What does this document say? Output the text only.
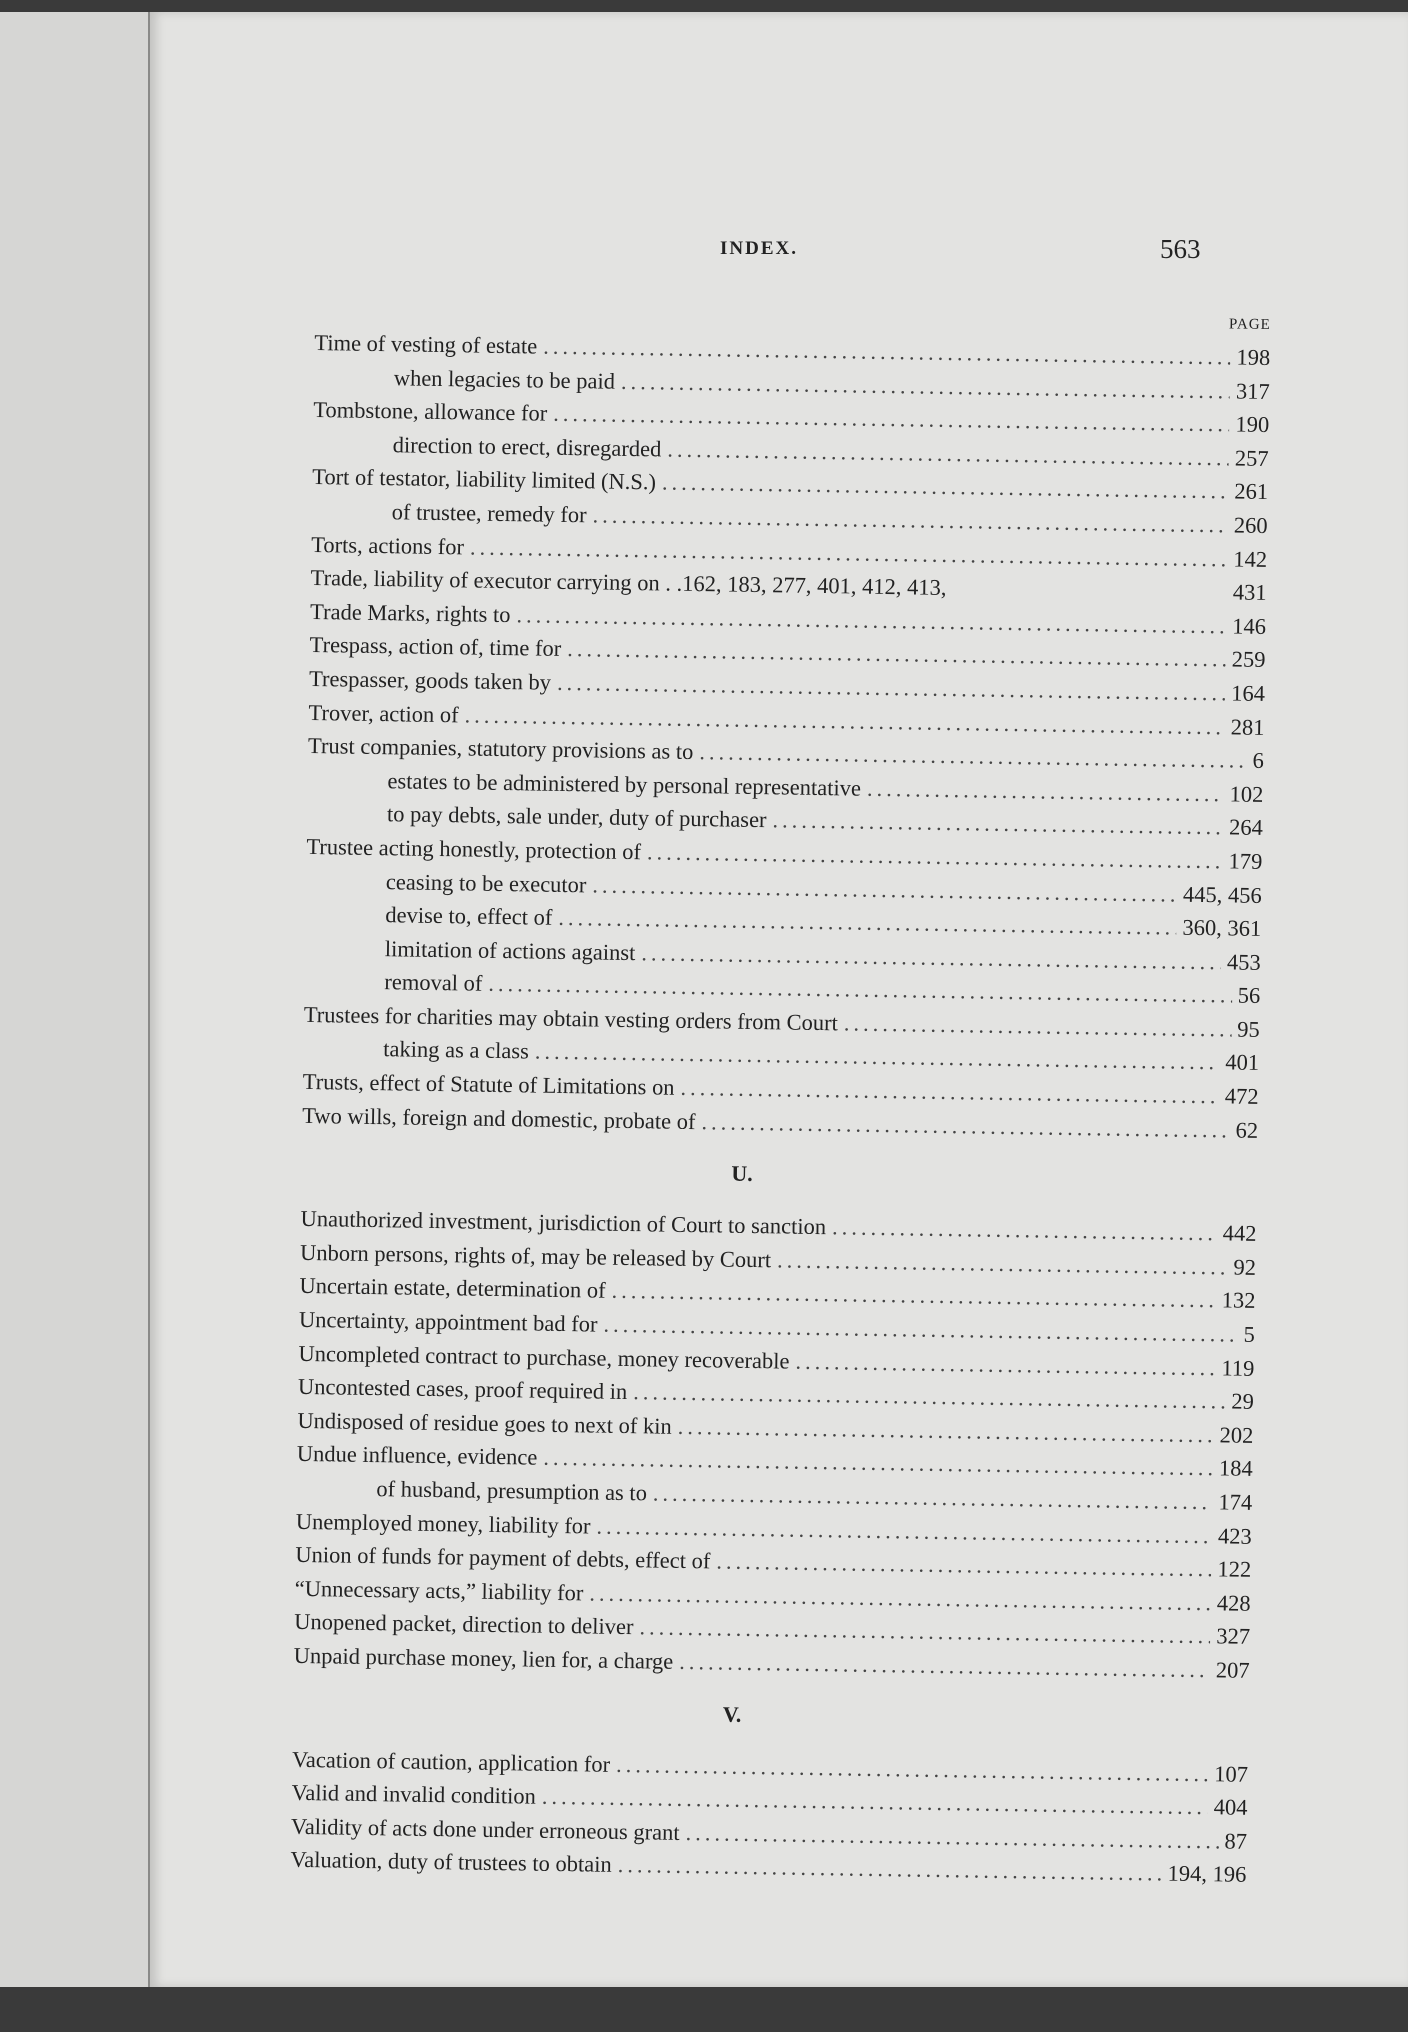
INDEX.	563
PAGE
Time of vesting of estate .....	198
when legacies to be paid .....	317
Tombstone, allowance for .....	190
direction to erect, disregarded .....	257
Tort of testator, liability limited (N.S.) .....	261
of trustee, remedy for .....	260
Torts, actions for .....	142
Trade, liability of executor carrying on . .162, 183, 277, 401, 412, 413,	431
Trade Marks, rights to .....	146
Trespass, action of, time for .....	259
Trespasser, goods taken by .....	164
Trover, action of .....	281
Trust companies, statutory provisions as to .....	6
estates to be administered by personal representative .....	102
to pay debts, sale under, duty of purchaser .....	264
Trustee acting honestly, protection of .....	179
ceasing to be executor .....	445, 456
devise to, effect of .....	360, 361
limitation of actions against .....	453
removal of .....	56
Trustees for charities may obtain vesting orders from Court .....	95
taking as a class .....	401
Trusts, effect of Statute of Limitations on .....	472
Two wills, foreign and domestic, probate of .....	62
U.
Unauthorized investment, jurisdiction of Court to sanction .....	442
Unborn persons, rights of, may be released by Court .....	92
Uncertain estate, determination of .....	132
Uncertainty, appointment bad for .....	5
Uncompleted contract to purchase, money recoverable .....	119
Uncontested cases, proof required in .....	29
Undisposed of residue goes to next of kin .....	202
Undue influence, evidence .....	184
of husband, presumption as to .....	174
Unemployed money, liability for .....	423
Union of funds for payment of debts, effect of .....	122
“Unnecessary acts,” liability for .....	428
Unopened packet, direction to deliver .....	327
Unpaid purchase money, lien for, a charge .....	207
V.
Vacation of caution, application for .....	107
Valid and invalid condition .....	404
Validity of acts done under erroneous grant .....	87
Valuation, duty of trustees to obtain .....	194, 196
